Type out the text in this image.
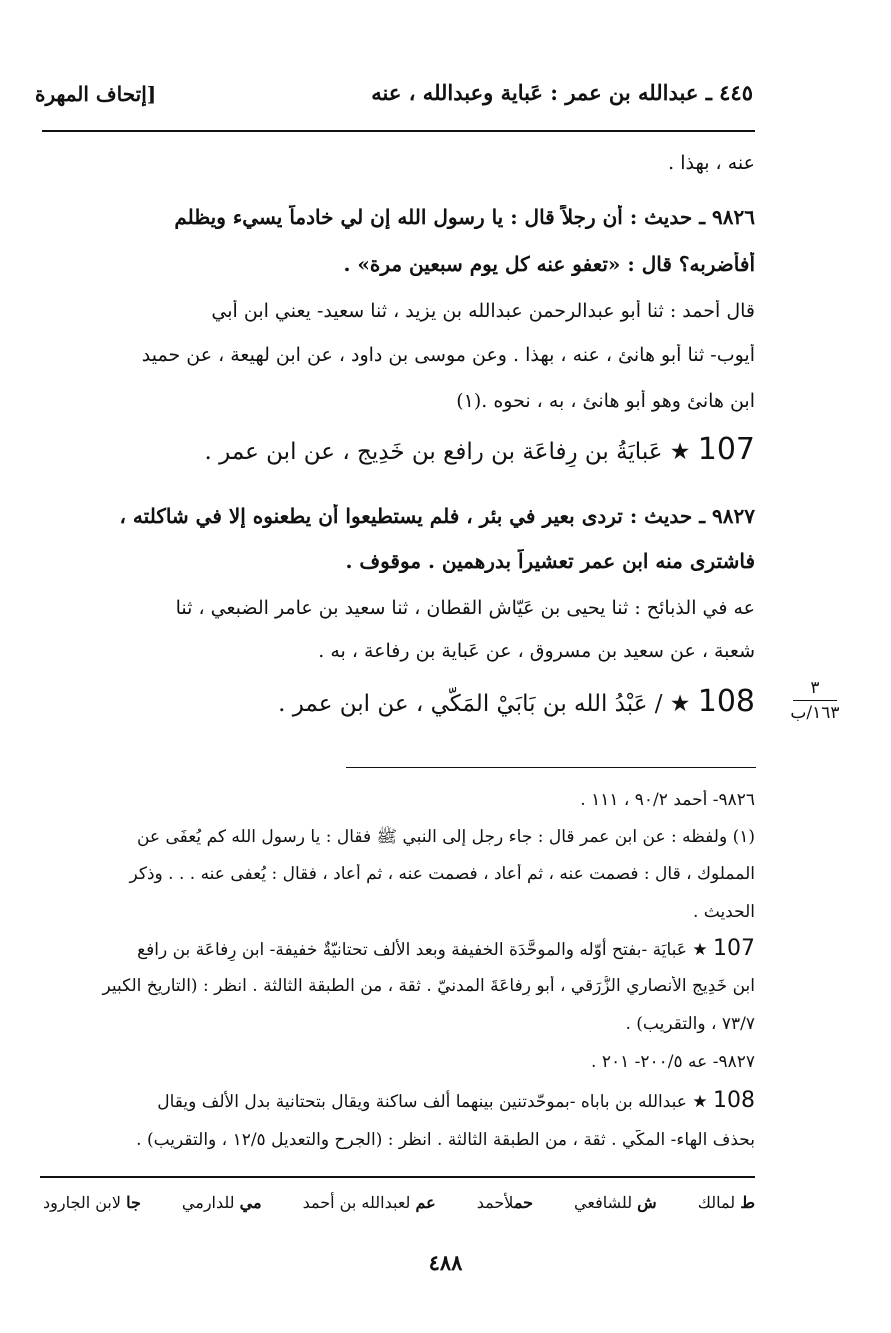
٤٤٥ ـ عبدالله بن عمر : عَباية وعبدالله ، عنه
[إتحاف المهرة
عنه ، بهذا .
٩٨٢٦ ـ حديث : أن رجلاً قال : يا رسول الله إن لي خادماً يسيء ويظلم
أفأضربه؟ قال : «تعفو عنه كل يوم سبعين مرة» .
قال أحمد : ثنا أبو عبدالرحمن عبدالله بن يزيد ، ثنا سعيد- يعني ابن أبي
أيوب- ثنا أبو هانئ ، عنه ، بهذا . وعن موسى بن داود ، عن ابن لهيعة ، عن حميد
ابن هانئ وهو أبو هانئ ، به ، نحوه .(١)
107 ★ عَبايَةُ بن رِفاعَة بن رافع بن خَدِيج ، عن ابن عمر .
٩٨٢٧ ـ حديث : تردى بعير في بئر ، فلم يستطيعوا أن يطعنوه إلا في شاكلته ،
فاشترى منه ابن عمر تعشيراً بدرهمين . موقوف .
عه في الذبائح : ثنا يحيى بن عَيّاش القطان ، ثنا سعيد بن عامر الضبعي ، ثنا
شعبة ، عن سعيد بن مسروق ، عن عَباية بن رِفاعة ، به .
108 ★ / عَبْدُ الله بن بَابَيْ المَكّي ، عن ابن عمر .
٣
١٦٣/ب
٩٨٢٦- أحمد ٩٠/٢ ، ١١١ .
(١) ولفظه : عن ابن عمر قال : جاء رجل إلى النبي ﷺ فقال : يا رسول الله كم يُعفَى عن
المملوك ، قال : فصمت عنه ، ثم أعاد ، فصمت عنه ، ثم أعاد ، فقال : يُعفى عنه . . . وذكر
الحديث .
107 ★ عَبايَة -بفتح أوّله والموحَّدَة الخفيفة وبعد الألف تحتانيّةٌ خفيفة- ابن رِفاعَة بن رافع
ابن خَدِيج الأنصاري الزُّرَقي ، أبو رِفاعَةَ المدنيّ . ثقة ، من الطبقة الثالثة . انظر : (التاريخ الكبير
٧٣/٧ ، والتقريب) .
٩٨٢٧- عه ٢٠٠/٥- ٢٠١ .
108 ★ عبدالله بن باباه -بموحّدتنين بينهما ألف ساكنة ويقال بتحتانية بدل الألف ويقال
بحذف الهاء- المكّي . ثقة ، من الطبقة الثالثة . انظر : (الجرح والتعديل ١٢/٥ ، والتقريب) .
ط لمالك
ش للشافعي
حملأحمد
عم لعبدالله بن أحمد
مي للدارمي
جا لابن الجارود
٤٨٨
